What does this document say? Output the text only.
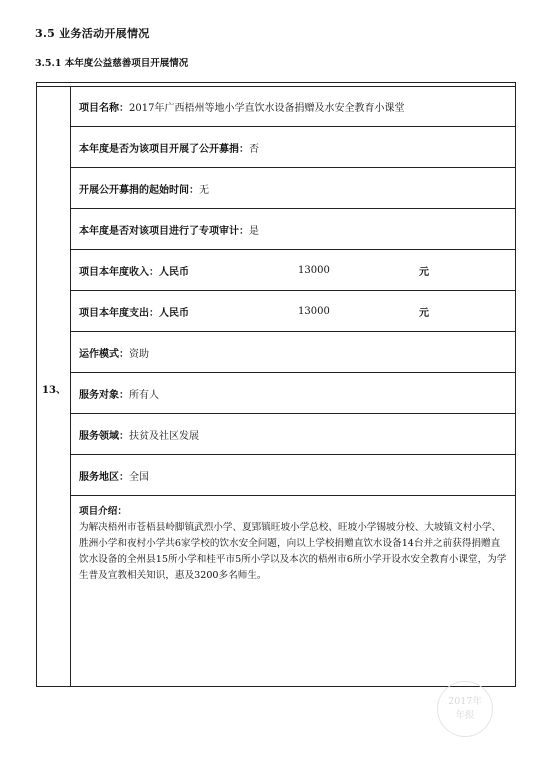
3.5 业务活动开展情况
3.5.1 本年度公益慈善项目开展情况
13、
项目名称： 2017年广西梧州等地小学直饮水设备捐赠及水安全教育小课堂
本年度是否为该项目开展了公开募捐： 否
开展公开募捐的起始时间： 无
本年度是否对该项目进行了专项审计： 是
项目本年度收入：人民币	13000	元
项目本年度支出：人民币	13000	元
运作模式： 资助
服务对象： 所有人
服务领域： 扶贫及社区发展
服务地区： 全国
项目介绍：
为解决梧州市苍梧县岭脚镇武烈小学、夏郢镇旺坡小学总校、旺坡小学锡坡分校、大坡镇文村小学、胜洲小学和夜村小学共6家学校的饮水安全问题，向以上学校捐赠直饮水设备14台并之前获得捐赠直饮水设备的全州县15所小学和桂平市5所小学以及本次的梧州市6所小学开设水安全教育小课堂，为学生普及宣教相关知识，惠及3200多名师生。
2017年
年报
